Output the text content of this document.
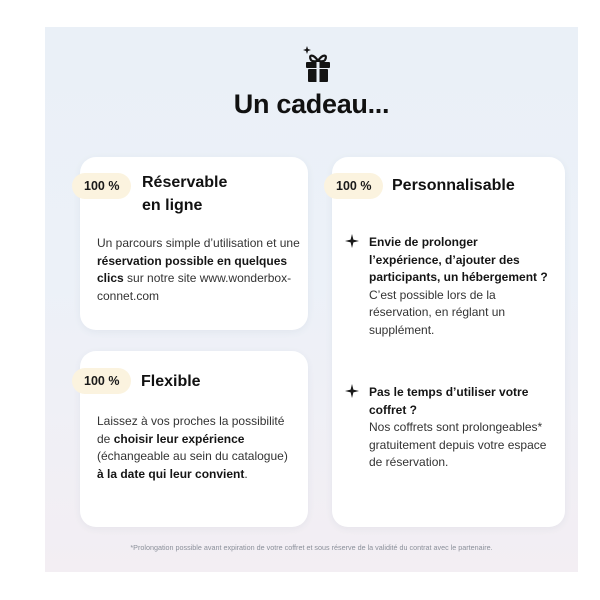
Un cadeau...
100 %	Réservable
en ligne
Un parcours simple d’utilisation et une réservation possible en quelques clics sur notre site www.wonderbox-connet.com
100 %	Personnalisable
Envie de prolonger l’expérience, d’ajouter des participants, un hébergement ?
C’est possible lors de la réservation, en réglant un supplément.
Pas le temps d’utiliser votre coffret ?
Nos coffrets sont prolongeables* gratuitement depuis votre espace de réservation.
100 %	Flexible
Laissez à vos proches la possibilité de choisir leur expérience (échangeable au sein du catalogue) à la date qui leur convient.
*Prolongation possible avant expiration de votre coffret et sous réserve de la validité du contrat avec le partenaire.
